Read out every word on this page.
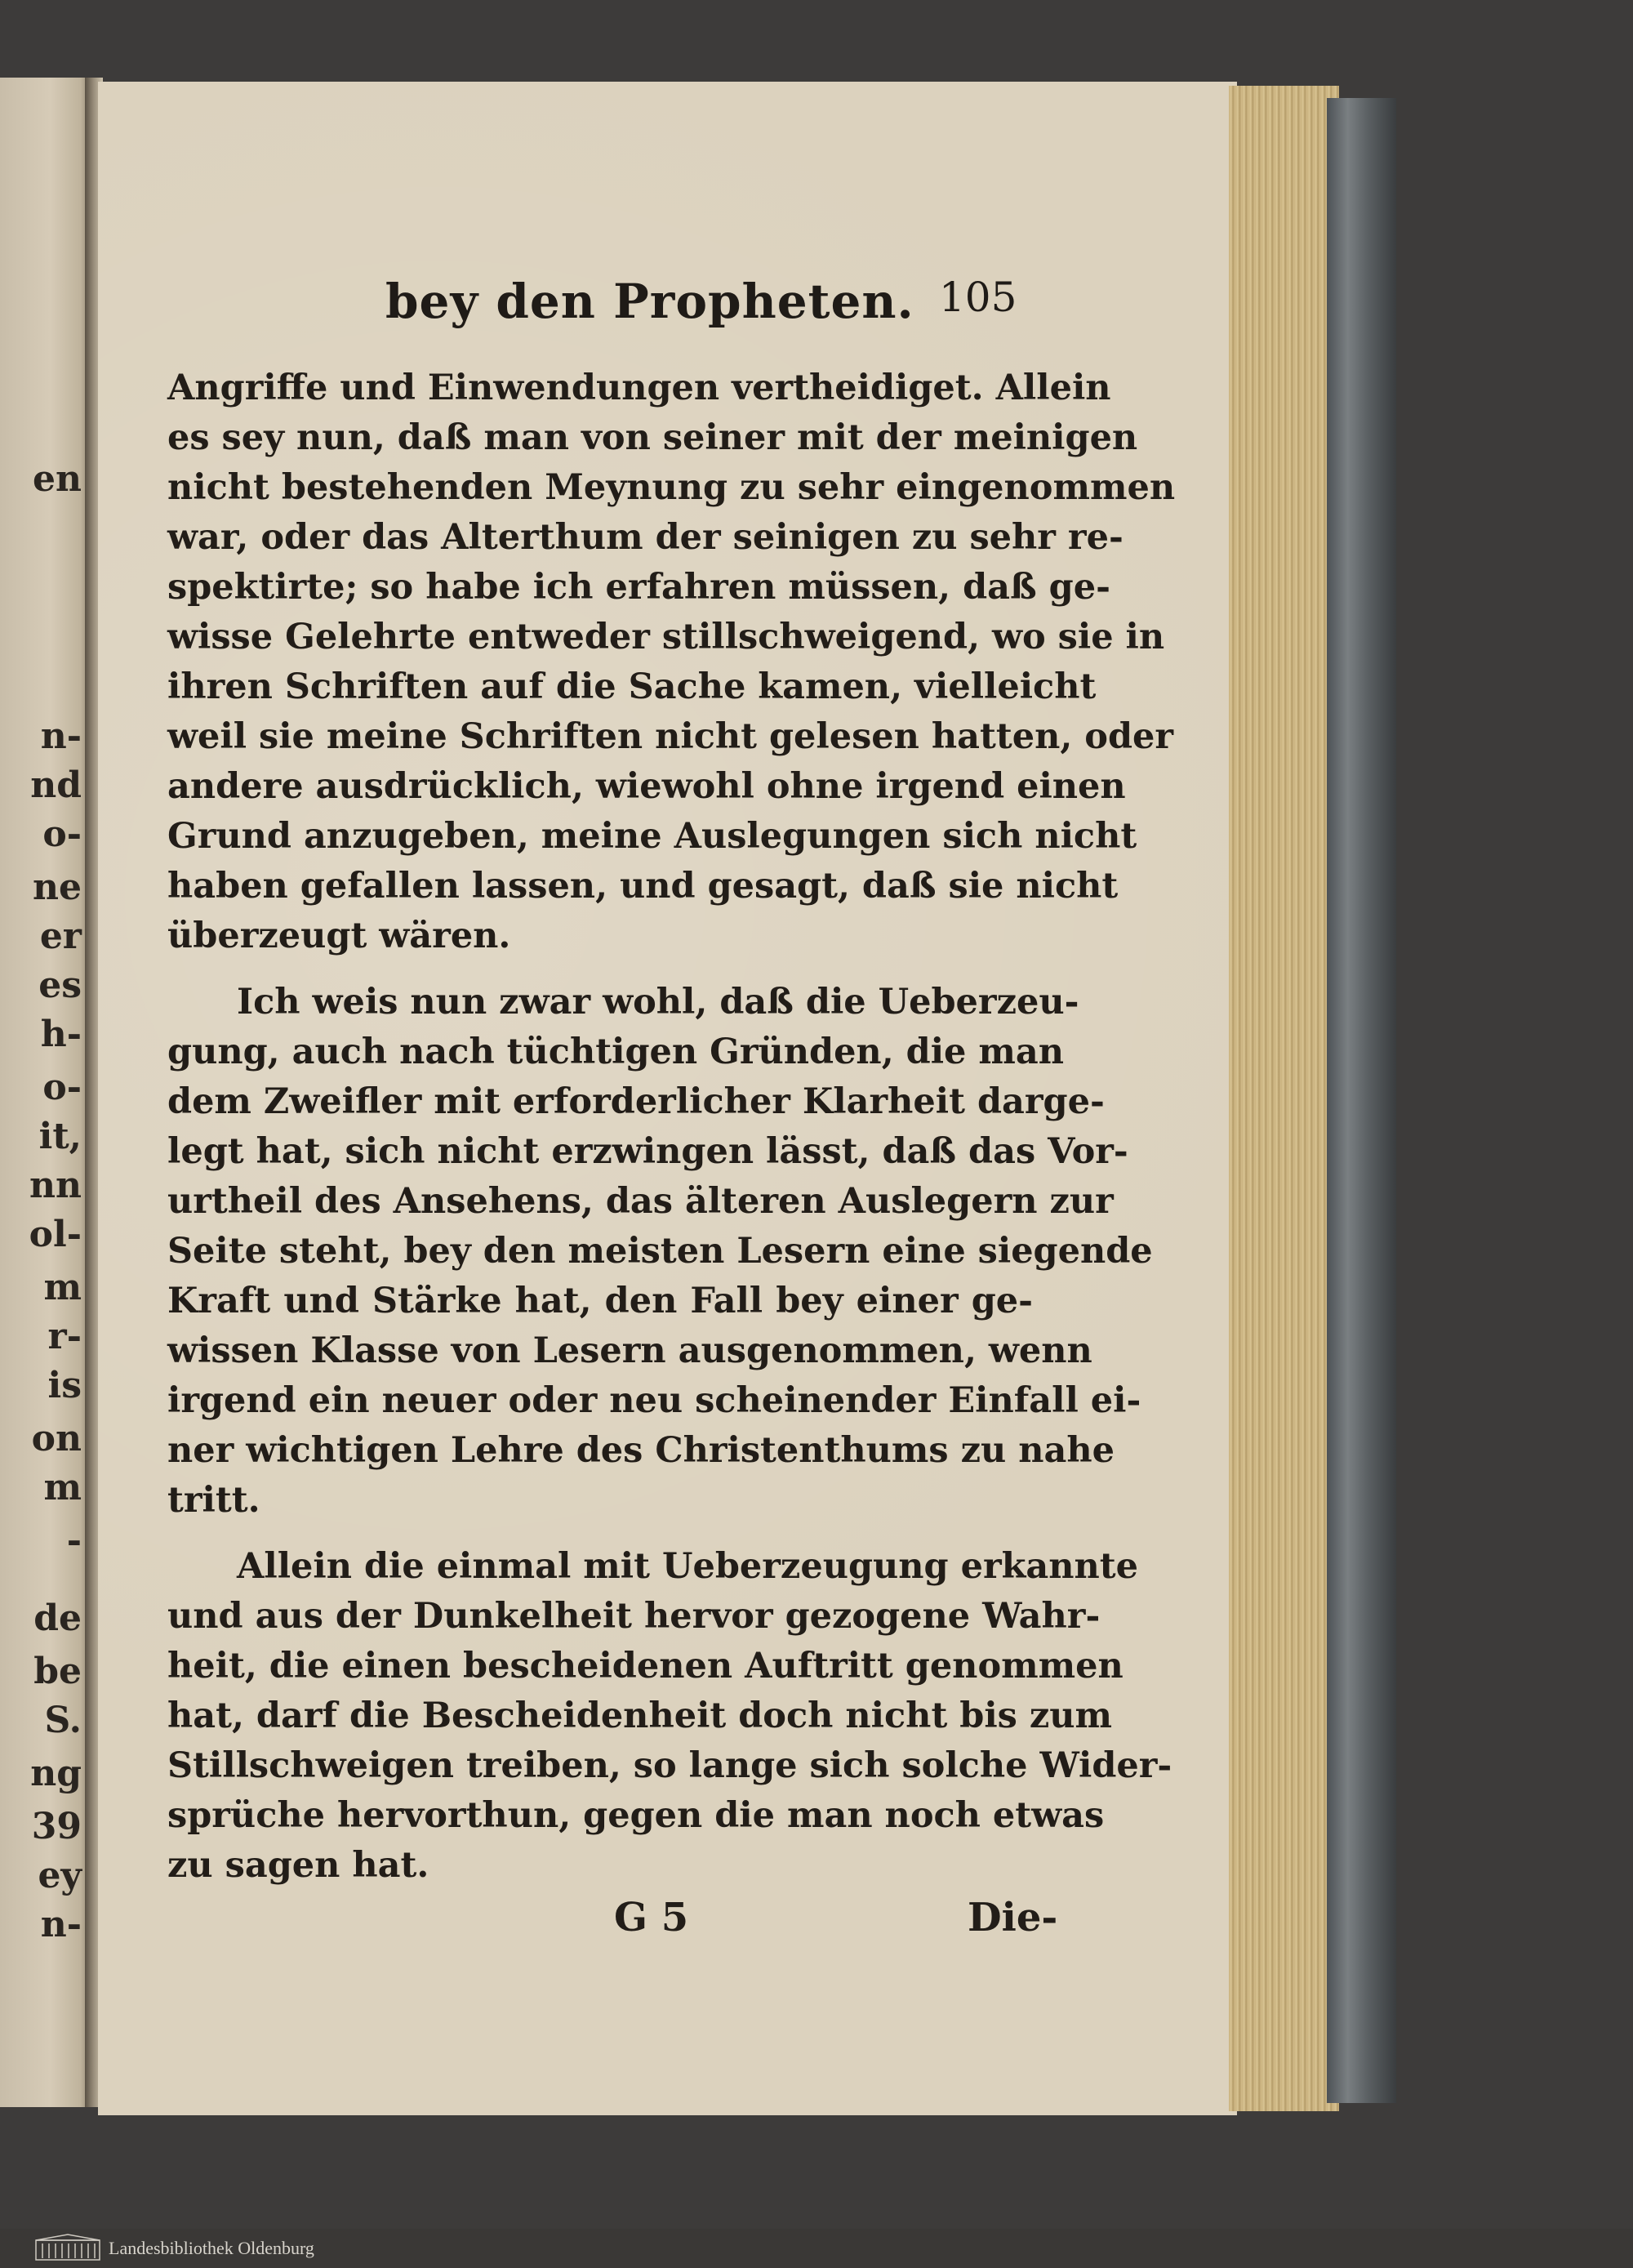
en
n-
nd
o-
ne
er
es
h-
o-
it,
nn
ol-
m
r-
is
on
m
-
de
be
S.
ng
39
ey
n-
bey den Propheten. 105
Angriffe und Einwendungen vertheidiget. Allein
es sey nun, daß man von seiner mit der meinigen
nicht bestehenden Meynung zu sehr eingenommen
war, oder das Alterthum der seinigen zu sehr re-
spektirte; so habe ich erfahren müssen, daß ge-
wisse Gelehrte entweder stillschweigend, wo sie in
ihren Schriften auf die Sache kamen, vielleicht
weil sie meine Schriften nicht gelesen hatten, oder
andere ausdrücklich, wiewohl ohne irgend einen
Grund anzugeben, meine Auslegungen sich nicht
haben gefallen lassen, und gesagt, daß sie nicht
überzeugt wären.
Ich weis nun zwar wohl, daß die Ueberzeu-
gung, auch nach tüchtigen Gründen, die man
dem Zweifler mit erforderlicher Klarheit darge-
legt hat, sich nicht erzwingen lässt, daß das Vor-
urtheil des Ansehens, das älteren Auslegern zur
Seite steht, bey den meisten Lesern eine siegende
Kraft und Stärke hat, den Fall bey einer ge-
wissen Klasse von Lesern ausgenommen, wenn
irgend ein neuer oder neu scheinender Einfall ei-
ner wichtigen Lehre des Christenthums zu nahe
tritt.
Allein die einmal mit Ueberzeugung erkannte
und aus der Dunkelheit hervor gezogene Wahr-
heit, die einen bescheidenen Auftritt genommen
hat, darf die Bescheidenheit doch nicht bis zum
Stillschweigen treiben, so lange sich solche Wider-
sprüche hervorthun, gegen die man noch etwas
zu sagen hat.
G 5	Die-
Landesbibliothek Oldenburg
